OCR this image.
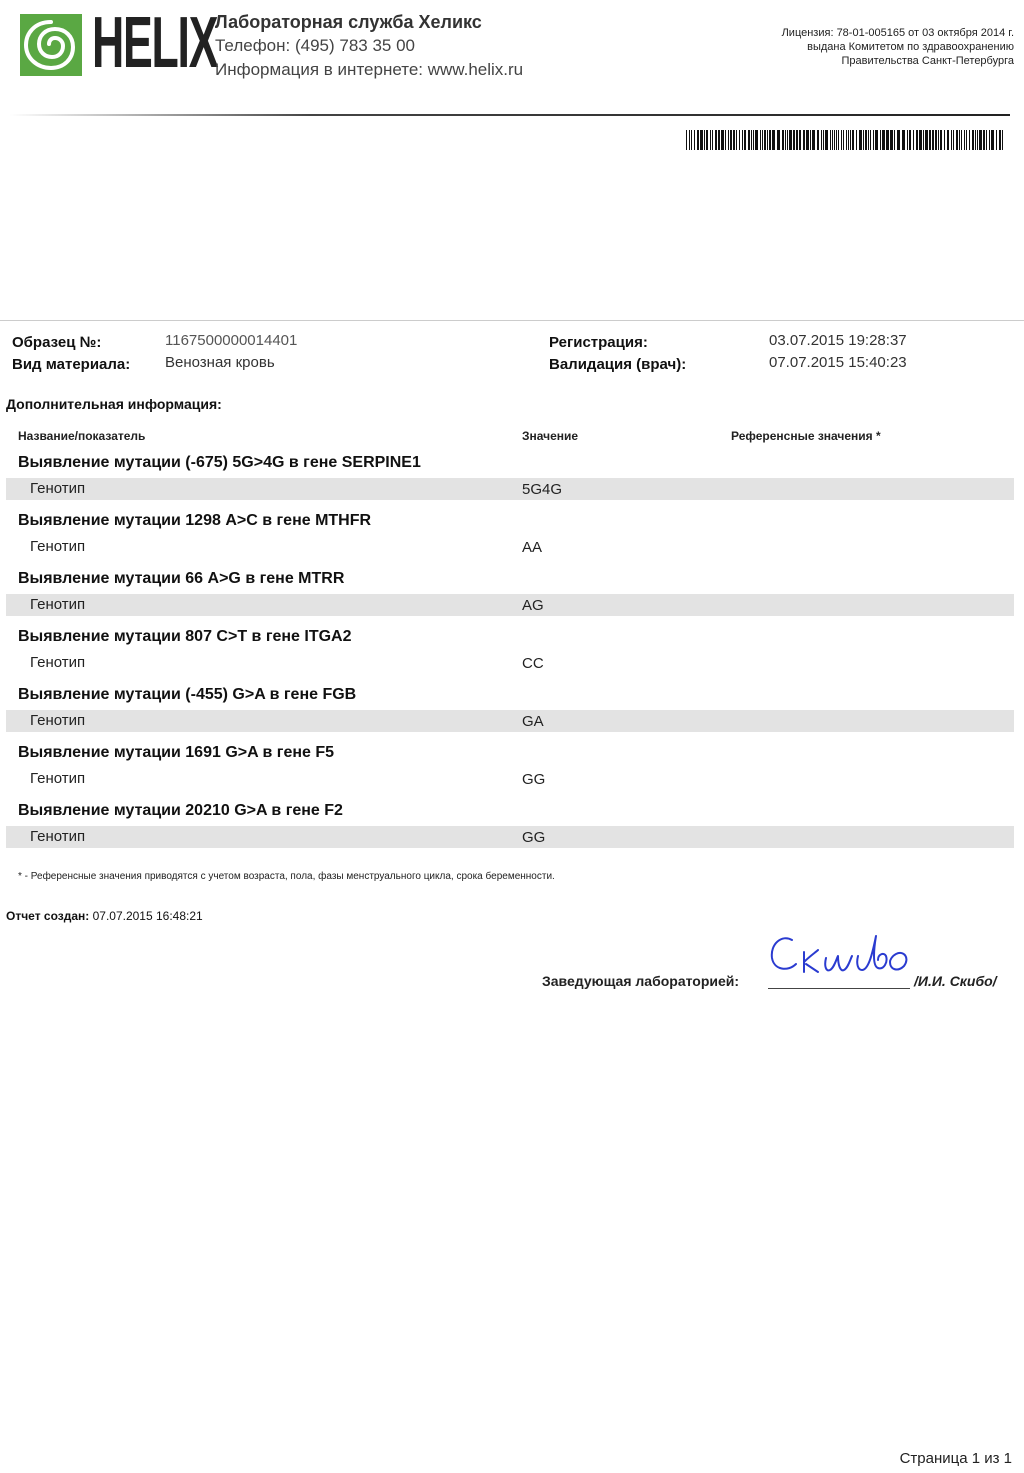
HELIX
Лабораторная служба Хеликс
Телефон: (495) 783 35 00
Информация в интернете: www.helix.ru
Лицензия: 78-01-005165 от 03 октября 2014 г.
выдана Комитетом по здравоохранению
Правительства Санкт-Петербурга
Образец №:	1167500000014401
Вид материала: Венозная кровь
Регистрация:	03.07.2015 19:28:37
Валидация (врач):	07.07.2015 15:40:23
Дополнительная информация:
Название/показатель	Значение	Референсные значения *
Выявление мутации (-675) 5G>4G в гене SERPINE1
Генотип	5G4G
Выявление мутации 1298 A>C в гене MTHFR
Генотип	AA
Выявление мутации 66 A>G в гене MTRR
Генотип	AG
Выявление мутации 807 C>T в гене ITGA2
Генотип	CC
Выявление мутации (-455) G>A в гене FGB
Генотип	GA
Выявление мутации 1691 G>A в гене F5
Генотип	GG
Выявление мутации 20210 G>A в гене F2
Генотип	GG
* - Референсные значения приводятся с учетом возраста, пола, фазы менструального цикла, срока беременности.
Отчет создан: 07.07.2015 16:48:21
Заведующая лабораторией:	/И.И. Скибо/
Страница 1 из 1
